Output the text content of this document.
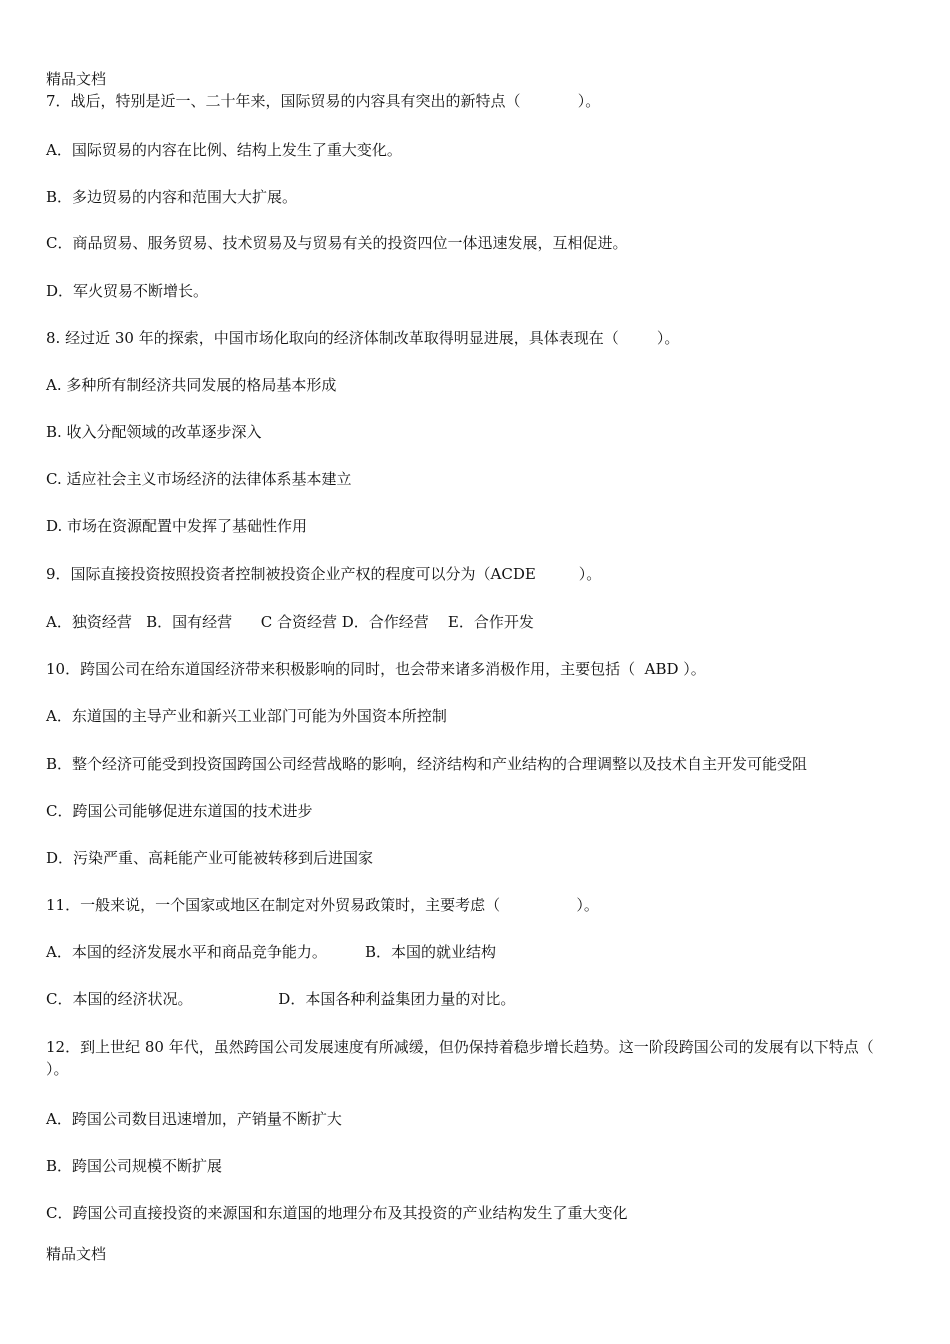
精品文档

7．战后，特别是近一、二十年来，国际贸易的内容具有突出的新特点（            ）。

A．国际贸易的内容在比例、结构上发生了重大变化。

B．多边贸易的内容和范围大大扩展。

C．商品贸易、服务贸易、技术贸易及与贸易有关的投资四位一体迅速发展，互相促进。

D．军火贸易不断增长。

8. 经过近 30 年的探索，中国市场化取向的经济体制改革取得明显进展，具体表现在（        ）。

A. 多种所有制经济共同发展的格局基本形成

B. 收入分配领域的改革逐步深入

C. 适应社会主义市场经济的法律体系基本建立

D. 市场在资源配置中发挥了基础性作用

9．国际直接投资按照投资者控制被投资企业产权的程度可以分为（ACDE         ）。

A．独资经营   B．国有经营      C 合资经营 D．合作经营    E．合作开发

10．跨国公司在给东道国经济带来积极影响的同时，也会带来诸多消极作用，主要包括（  ABD ）。

A．东道国的主导产业和新兴工业部门可能为外国资本所控制

B．整个经济可能受到投资国跨国公司经营战略的影响，经济结构和产业结构的合理调整以及技术自主开发可能受阻

C．跨国公司能够促进东道国的技术进步

D．污染严重、高耗能产业可能被转移到后进国家

11．一般来说，一个国家或地区在制定对外贸易政策时，主要考虑（                ）。

A．本国的经济发展水平和商品竞争能力。        B．本国的就业结构

C．本国的经济状况。                  D．本国各种利益集团力量的对比。

12．到上世纪 80 年代，虽然跨国公司发展速度有所减缓，但仍保持着稳步增长趋势。这一阶段跨国公司的发展有以下特点（            ）。

A．跨国公司数目迅速增加，产销量不断扩大

B．跨国公司规模不断扩展

C．跨国公司直接投资的来源国和东道国的地理分布及其投资的产业结构发生了重大变化

精品文档
